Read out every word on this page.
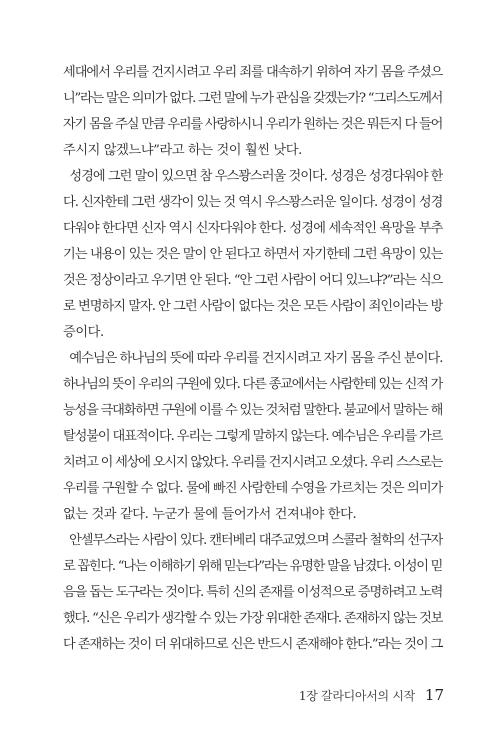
세대에서 우리를 건지시려고 우리 죄를 대속하기 위하여 자기 몸을 주셨으
니”라는 말은 의미가 없다. 그런 말에 누가 관심을 갖겠는가? “그리스도께서
자기 몸을 주실 만큼 우리를 사랑하시니 우리가 원하는 것은 뭐든지 다 들어
주시지 않겠느냐”라고 하는 것이 훨씬 낫다.
성경에 그런 말이 있으면 참 우스꽝스러울 것이다. 성경은 성경다워야 한
다. 신자한테 그런 생각이 있는 것 역시 우스꽝스러운 일이다. 성경이 성경
다워야 한다면 신자 역시 신자다워야 한다. 성경에 세속적인 욕망을 부추
기는 내용이 있는 것은 말이 안 된다고 하면서 자기한테 그런 욕망이 있는
것은 정상이라고 우기면 안 된다. “안 그런 사람이 어디 있느냐?”라는 식으
로 변명하지 말자. 안 그런 사람이 없다는 것은 모든 사람이 죄인이라는 방
증이다.
예수님은 하나님의 뜻에 따라 우리를 건지시려고 자기 몸을 주신 분이다.
하나님의 뜻이 우리의 구원에 있다. 다른 종교에서는 사람한테 있는 신적 가
능성을 극대화하면 구원에 이를 수 있는 것처럼 말한다. 불교에서 말하는 해
탈성불이 대표적이다. 우리는 그렇게 말하지 않는다. 예수님은 우리를 가르
치려고 이 세상에 오시지 않았다. 우리를 건지시려고 오셨다. 우리 스스로는
우리를 구원할 수 없다. 물에 빠진 사람한테 수영을 가르치는 것은 의미가
없는 것과 같다. 누군가 물에 들어가서 건져내야 한다.
안셀무스라는 사람이 있다. 캔터베리 대주교였으며 스콜라 철학의 선구자
로 꼽힌다. “나는 이해하기 위해 믿는다”라는 유명한 말을 남겼다. 이성이 믿
음을 돕는 도구라는 것이다. 특히 신의 존재를 이성적으로 증명하려고 노력
했다. “신은 우리가 생각할 수 있는 가장 위대한 존재다. 존재하지 않는 것보
다 존재하는 것이 더 위대하므로 신은 반드시 존재해야 한다.”라는 것이 그
1장 갈라디아서의 시작 17
